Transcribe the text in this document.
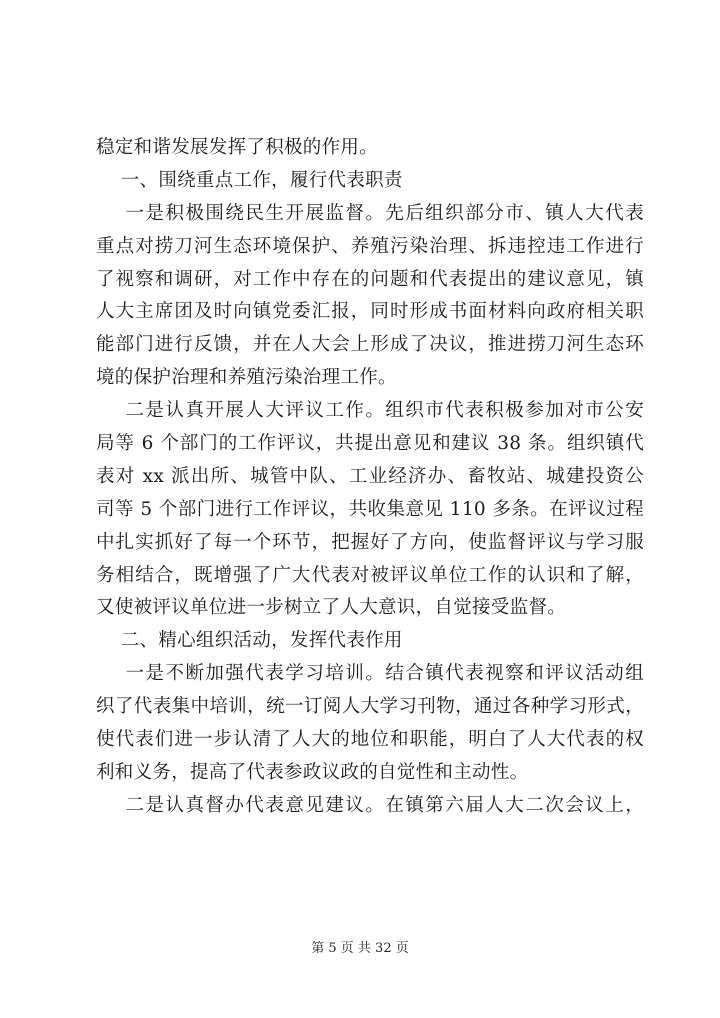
稳定和谐发展发挥了积极的作用。
一、围绕重点工作，履行代表职责
一是积极围绕民生开展监督。先后组织部分市、镇人大代表
重点对捞刀河生态环境保护、养殖污染治理、拆违控违工作进行
了视察和调研，对工作中存在的问题和代表提出的建议意见，镇
人大主席团及时向镇党委汇报，同时形成书面材料向政府相关职
能部门进行反馈，并在人大会上形成了决议，推进捞刀河生态环
境的保护治理和养殖污染治理工作。
二是认真开展人大评议工作。组织市代表积极参加对市公安
局等 6 个部门的工作评议，共提出意见和建议 38 条。组织镇代
表对 xx 派出所、城管中队、工业经济办、畜牧站、城建投资公
司等 5 个部门进行工作评议，共收集意见 110 多条。在评议过程
中扎实抓好了每一个环节，把握好了方向，使监督评议与学习服
务相结合，既增强了广大代表对被评议单位工作的认识和了解，
又使被评议单位进一步树立了人大意识，自觉接受监督。
二、精心组织活动，发挥代表作用
一是不断加强代表学习培训。结合镇代表视察和评议活动组
织了代表集中培训，统一订阅人大学习刊物，通过各种学习形式，
使代表们进一步认清了人大的地位和职能，明白了人大代表的权
利和义务，提高了代表参政议政的自觉性和主动性。
二是认真督办代表意见建议。在镇第六届人大二次会议上，
第 5 页 共 32 页
